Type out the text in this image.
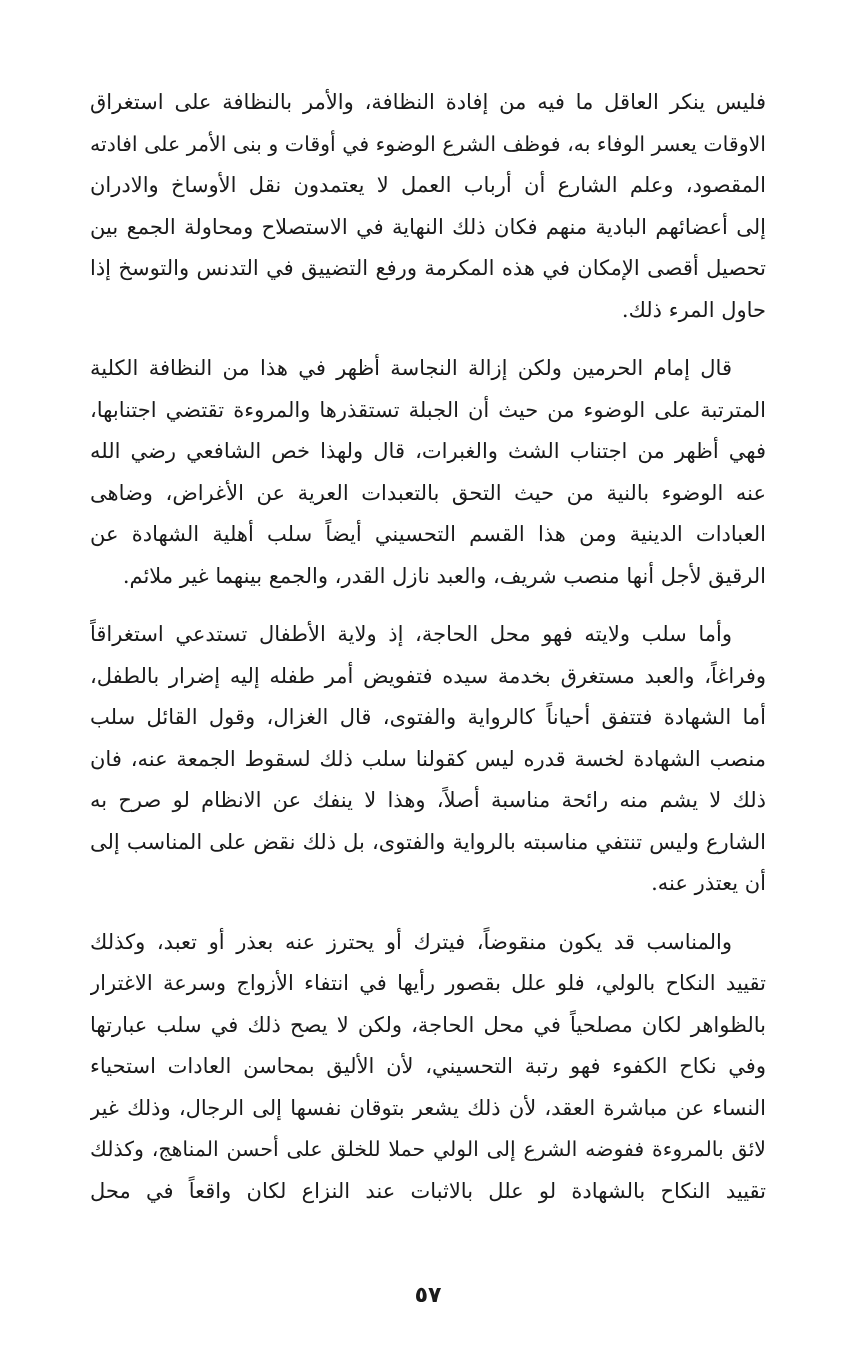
فليس ينكر العاقل ما فيه من إفادة النظافة، والأمر بالنظافة على استغراق
الاوقات يعسر الوفاء به، فوظف الشرع الوضوء في أوقات و بنى الأمر على افادته
المقصود، وعلم الشارع أن أرباب العمل لا يعتمدون نقل الأوساخ والادران
إلى أعضائهم البادية منهم فكان ذلك النهاية في الاستصلاح ومحاولة الجمع بين
تحصيل أقصى الإمكان في هذه المكرمة ورفع التضييق في التدنس والتوسخ إذا
حاول المرء ذلك.
قال إمام الحرمين ولكن إزالة النجاسة أظهر في هذا من النظافة الكلية
المترتبة على الوضوء من حيث أن الجبلة تستقذرها والمروءة تقتضي اجتنابها،
فهي أظهر من اجتناب الشث والغبرات، قال ولهذا خص الشافعي رضي الله
عنه الوضوء بالنية من حيث التحق بالتعبدات العرية عن الأغراض، وضاهى
العبادات الدينية ومن هذا القسم التحسيني أيضاً سلب أهلية الشهادة عن
الرقيق لأجل أنها منصب شريف، والعبد نازل القدر، والجمع بينهما غير ملائم.
وأما سلب ولايته فهو محل الحاجة، إذ ولاية الأطفال تستدعي استغراقاً
وفراغاً، والعبد مستغرق بخدمة سيده فتفويض أمر طفله إليه إضرار بالطفل،
أما الشهادة فتتفق أحياناً كالرواية والفتوى، قال الغزال، وقول القائل سلب
منصب الشهادة لخسة قدره ليس كقولنا سلب ذلك لسقوط الجمعة عنه، فان
ذلك لا يشم منه رائحة مناسبة أصلاً، وهذا لا ينفك عن الانظام لو صرح به
الشارع وليس تنتفي مناسبته بالرواية والفتوى، بل ذلك نقض على المناسب إلى
أن يعتذر عنه.
والمناسب قد يكون منقوضاً، فيترك أو يحترز عنه بعذر أو تعبد، وكذلك
تقييد النكاح بالولي، فلو علل بقصور رأيها في انتفاء الأزواج وسرعة الاغترار
بالظواهر لكان مصلحياً في محل الحاجة، ولكن لا يصح ذلك في سلب عبارتها
وفي نكاح الكفوء فهو رتبة التحسيني، لأن الأليق بمحاسن العادات استحياء
النساء عن مباشرة العقد، لأن ذلك يشعر بتوقان نفسها إلى الرجال، وذلك غير
لائق بالمروءة ففوضه الشرع إلى الولي حملا للخلق على أحسن المناهج، وكذلك
تقييد النكاح بالشهادة لو علل بالاثبات عند النزاع لكان واقعاً في محل
٥٧
